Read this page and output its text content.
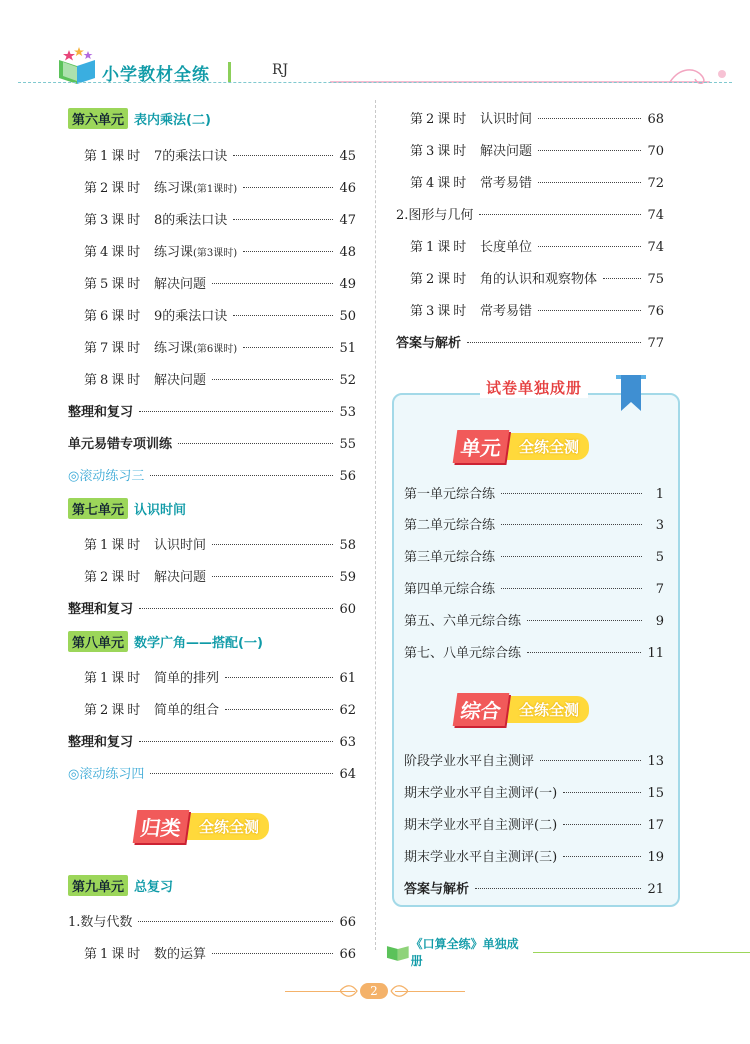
小学教材全练	RJ
第六单元 表内乘法(二)
第1课时 7的乘法口诀	45
第2课时 练习课(第1课时)	46
第3课时 8的乘法口诀	47
第4课时 练习课(第3课时)	48
第5课时 解决问题	49
第6课时 9的乘法口诀	50
第7课时 练习课(第6课时)	51
第8课时 解决问题	52
整理和复习	53
单元易错专项训练	55
◎滚动练习三	56
第七单元 认识时间
第1课时 认识时间	58
第2课时 解决问题	59
整理和复习	60
第八单元 数学广角——搭配(一)
第1课时 简单的排列	61
第2课时 简单的组合	62
整理和复习	63
◎滚动练习四	64
归类	全练全测
第九单元 总复习
1.数与代数	66
第1课时 数的运算	66
第2课时 认识时间	68
第3课时 解决问题	70
第4课时 常考易错	72
2.图形与几何	74
第1课时 长度单位	74
第2课时 角的认识和观察物体	75
第3课时 常考易错	76
答案与解析	77
试卷单独成册
单元	全练全测
第一单元综合练	1
第二单元综合练	3
第三单元综合练	5
第四单元综合练	7
第五、六单元综合练	9
第七、八单元综合练	11
综合	全练全测
阶段学业水平自主测评	13
期末学业水平自主测评(一)	15
期末学业水平自主测评(二)	17
期末学业水平自主测评(三)	19
答案与解析	21
《口算全练》单独成册
2
